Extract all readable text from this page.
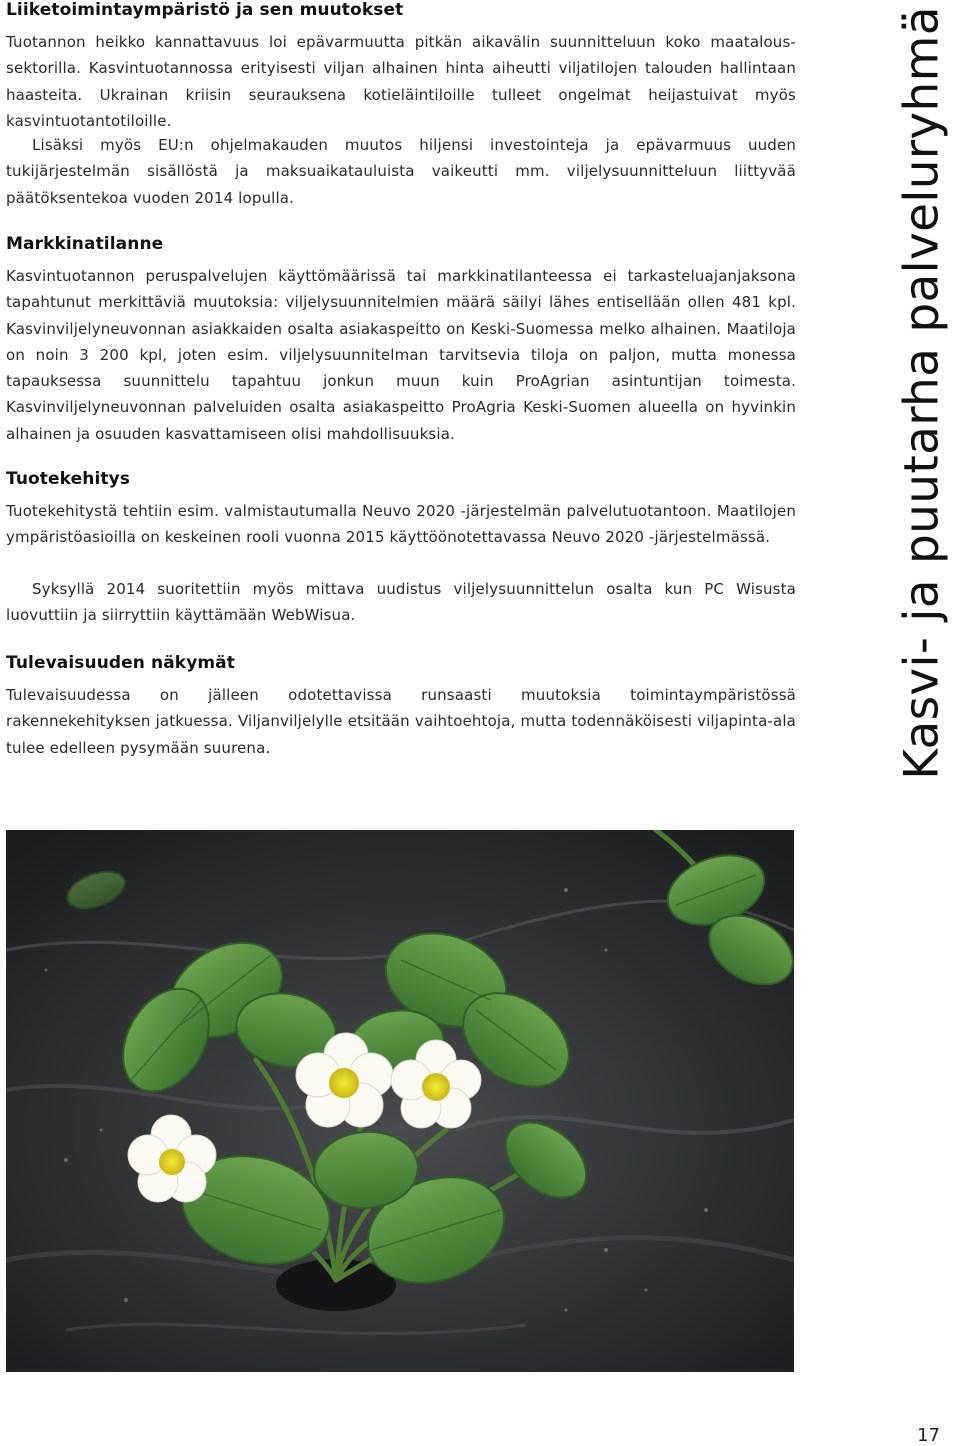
Liiketoimintaympäristö ja sen muutokset

Tuotannon heikko kannattavuus loi epävarmuutta pitkän aikavälin suunnitteluun koko maatalous-sektorilla. Kasvintuotannossa erityisesti viljan alhainen hinta aiheutti viljatilojen talouden hallintaan haasteita. Ukrainan kriisin seurauksena kotieläintiloille tulleet ongelmat heijastuivat myös kasvintuotantotiloille.

Lisäksi myös EU:n ohjelmakauden muutos hiljensi investointeja ja epävarmuus uuden tukijärjestelmän sisällöstä ja maksuaikatauluista vaikeutti mm. viljelysuunnitteluun liittyvää päätöksentekoa vuoden 2014 lopulla.

Markkinatilanne

Kasvintuotannon peruspalvelujen käyttömäärissä tai markkinatilanteessa ei tarkasteluajanjaksona tapahtunut merkittäviä muutoksia: viljelysuunnitelmien määrä säilyi lähes entisellään ollen 481 kpl. Kasvinviljelyneuvonnan asiakkaiden osalta asiakaspeitto on Keski-Suomessa melko alhainen. Maatiloja on noin 3 200 kpl, joten esim. viljelysuunnitelman tarvitsevia tiloja on paljon, mutta monessa tapauksessa suunnittelu tapahtuu jonkun muun kuin ProAgrian asintuntijan toimesta. Kasvinviljelyneuvonnan palveluiden osalta asiakaspeitto ProAgria Keski-Suomen alueella on hyvinkin alhainen ja osuuden kasvattamiseen olisi mahdollisuuksia.

Tuotekehitys

Tuotekehitystä tehtiin esim. valmistautumalla Neuvo 2020 -järjestelmän palvelutuotantoon. Maatilojen ympäristöasioilla on keskeinen rooli vuonna 2015 käyttöönotettavassa Neuvo 2020 -järjestelmässä.

Syksyllä 2014 suoritettiin myös mittava uudistus viljelysuunnittelun osalta kun PC Wisusta luovuttiin ja siirryttiin käyttämään WebWisua.

Tulevaisuuden näkymät

Tulevaisuudessa on jälleen odotettavissa runsaasti muutoksia toimintaympäristössä rakennekehityksen jatkuessa. Viljanviljelylle etsitään vaihtoehtoja, mutta todennäköisesti viljapinta-ala tulee edelleen pysymään suurena.	Kasvi- ja puutarha palveluryhmä
17
